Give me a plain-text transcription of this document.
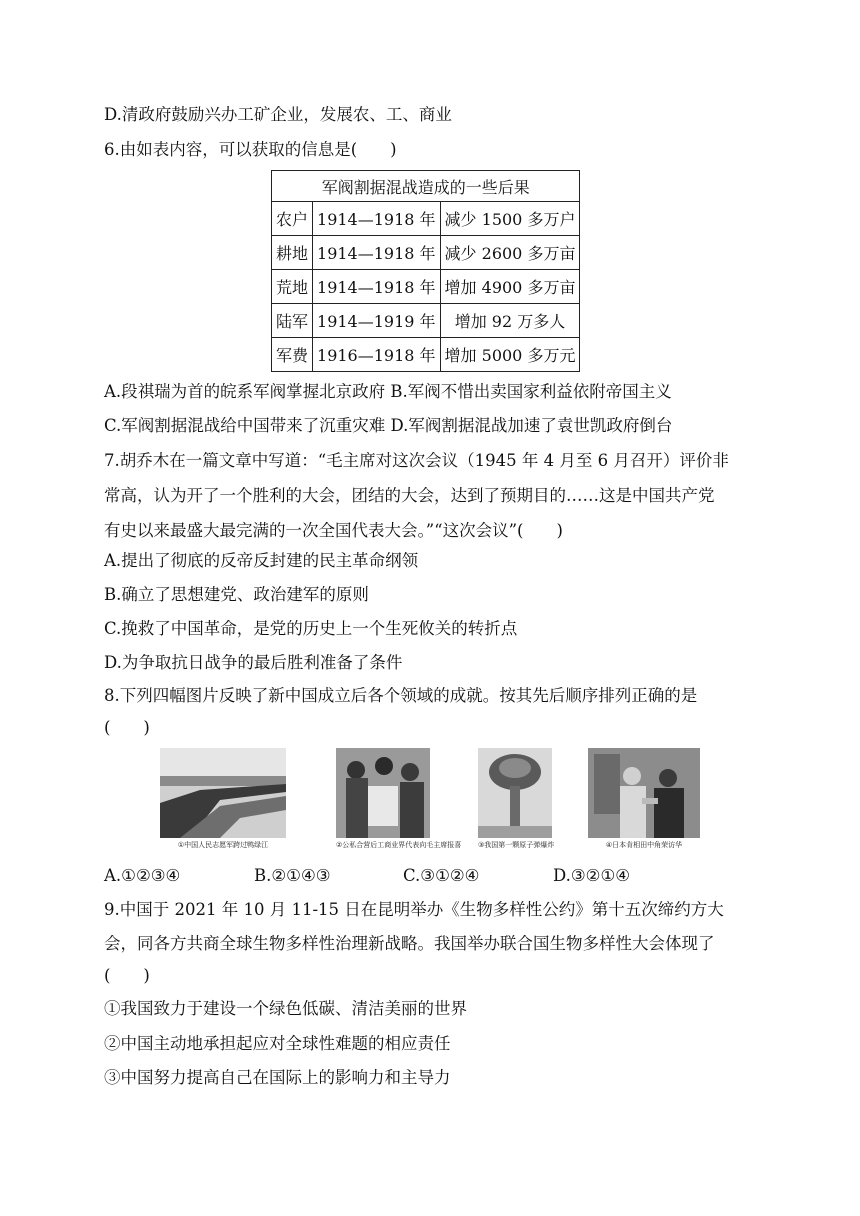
D.清政府鼓励兴办工矿企业，发展农、工、商业
6.由如表内容，可以获取的信息是(　　)
军阀割据混战造成的一些后果		
农户	1914—1918 年	减少 1500 多万户
耕地	1914—1918 年	减少 2600 多万亩
荒地	1914—1918 年	增加 4900 多万亩
陆军	1914—1919 年	增加 92 万多人
军费	1916—1918 年	增加 5000 多万元
A.段祺瑞为首的皖系军阀掌握北京政府 B.军阀不惜出卖国家利益依附帝国主义
C.军阀割据混战给中国带来了沉重灾难 D.军阀割据混战加速了袁世凯政府倒台
7.胡乔木在一篇文章中写道：“毛主席对这次会议（1945 年 4 月至 6 月召开）评价非
常高，认为开了一个胜利的大会，团结的大会，达到了预期目的……这是中国共产党
有史以来最盛大最完满的一次全国代表大会。”“这次会议”(　　)
A.提出了彻底的反帝反封建的民主革命纲领
B.确立了思想建党、政治建军的原则
C.挽救了中国革命，是党的历史上一个生死攸关的转折点
D.为争取抗日战争的最后胜利准备了条件
8.下列四幅图片反映了新中国成立后各个领域的成就。按其先后顺序排列正确的是
(　　)
①中国人民志愿军跨过鸭绿江	②公私合营后工商业界代表向毛主席报喜 ③我国第一颗原子弹爆炸	④日本肯相田中角荣访华
A.①②③④	B.②①④③	C.③①②④	D.③②①④
9.中国于 2021 年 10 月 11-15 日在昆明举办《生物多样性公约》第十五次缔约方大
会，同各方共商全球生物多样性治理新战略。我国举办联合国生物多样性大会体现了
(　　)
①我国致力于建设一个绿色低碳、清洁美丽的世界
②中国主动地承担起应对全球性难题的相应责任
③中国努力提高自己在国际上的影响力和主导力
